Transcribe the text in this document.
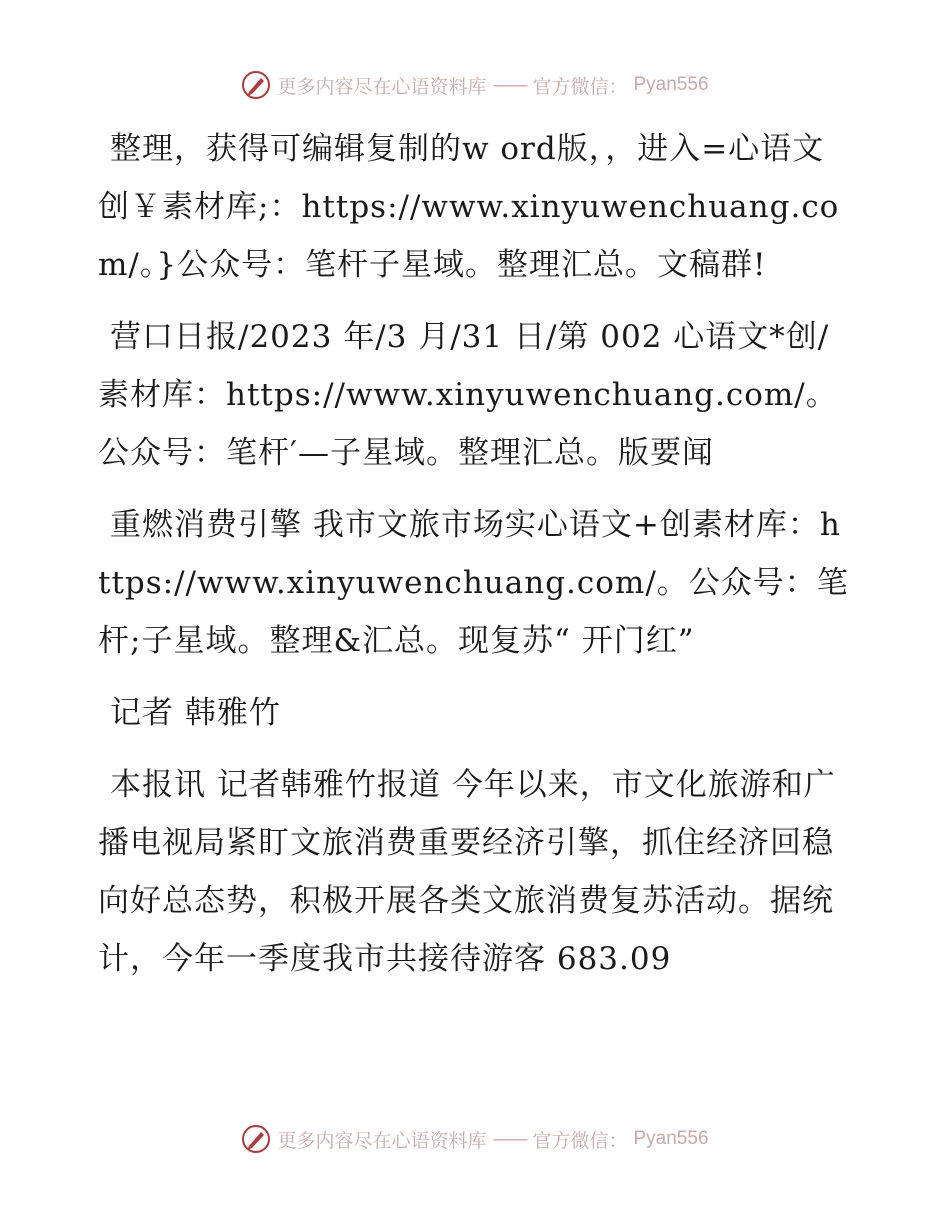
更多内容尽在心语资料库 —— 官方微信： Pyan556

整理，获得可编辑复制的w ord版，，进入=心语文创￥素材库;：https://www.xinyuwenchuang.com/。}公众号：笔杆子星域。整理汇总。文稿群!

营口日报/2023 年/3 月/31 日/第 002 心语文*创/素材库：https://www.xinyuwenchuang.com/。公众号：笔杆′—子星域。整理汇总。版要闻

重燃消费引擎 我市文旅市场实心语文+创素材库：https://www.xinyuwenchuang.com/。公众号：笔杆;子星域。整理&汇总。现复苏“ 开门红”

记者 韩雅竹

本报讯 记者韩雅竹报道 今年以来，市文化旅游和广播电视局紧盯文旅消费重要经济引擎，抓住经济回稳向好总态势，积极开展各类文旅消费复苏活动。据统计，今年一季度我市共接待游客 683.09

更多内容尽在心语资料库 —— 官方微信： Pyan556
